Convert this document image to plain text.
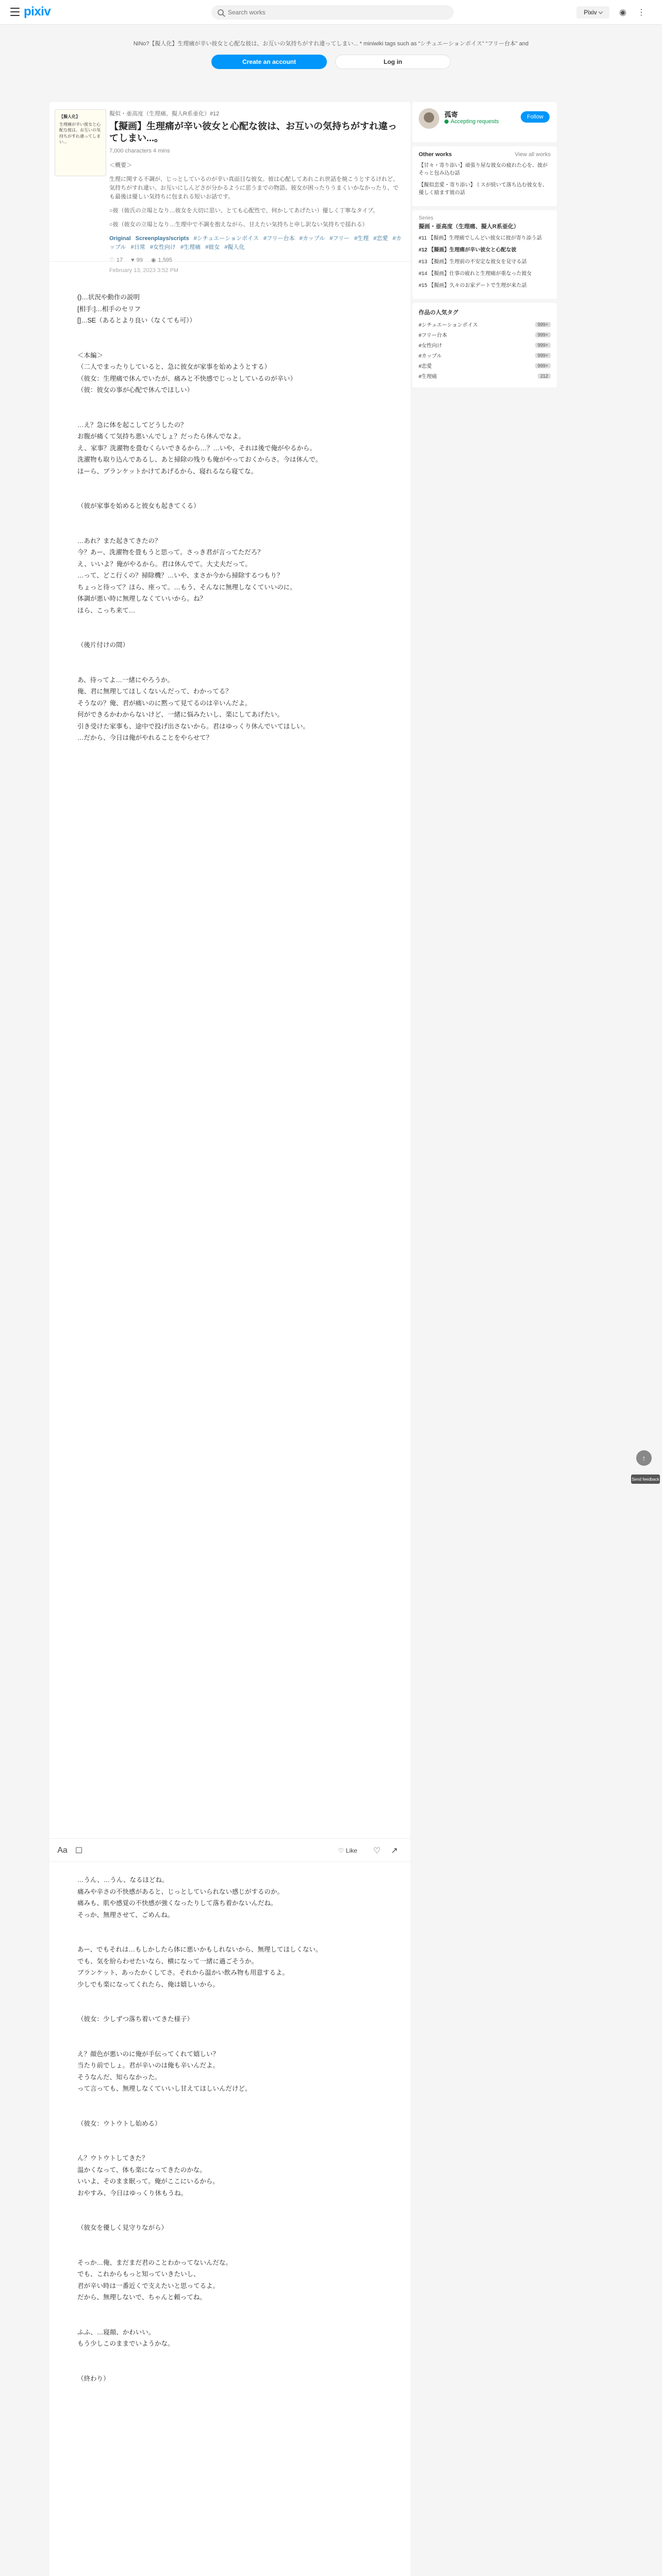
pixiv
Search works	Pixiv	◉	⋮
NiNo?【擬人化】生理痛が辛い彼女と心配な彼は、お互いの気持ちがすれ違ってしまい... * miniwiki tags such as “シチュエーションボイス” “フリー台本” and
Create an account	Log in
【擬人化】
生理痛が辛い彼女と心配な彼は、お互いの気持ちがすれ違ってしまい...
擬似・亜高度（生理痛、擬人R系亜化）#12
【擬画】生理痛が辛い彼女と心配な彼は、お互いの気持ちがすれ違ってしまい...。
7,000 characters 4 mins

＜概要＞

生理に関する不調が、じっとしているのが辛い真面目な彼女。彼は心配してあれこれ世話を焼こうとするけれど、気持ちがすれ違い、お互いにしんどさが分かるように思うまでの物語。彼女が困ったりうまくいかなかったり、でも最後は優しい気持ちに包まれる短いお話です。

○彼（彼氏の立場となり…彼女を大切に思い、とても心配性で、何かしてあげたい）優しく丁寧なタイプ。

○彼（彼女の立場となり…生理中で不調を抱えながら、甘えたい気持ちと申し訳ない気持ちで揺れる）

Original Screenplays/scripts #シチュエーションボイス #フリー台本 #カップル #フリー #生理 #恋愛 #カップル #日常 #女性向け #生理痛 #彼女 #擬人化
♡ 17 ♥ 99 ◉ 1,595
February 13, 2023 3:52 PM
()…状況や動作の説明
[相手:]…相手のセリフ
[]…SE（あるとより良い（なくても可））

＜本編＞
（二人でまったりしていると、急に彼女が家事を始めようとする）
（彼女：生理痛で休んでいたが、痛みと不快感でじっとしているのが辛い）
（彼：彼女の事が心配で休んでほしい）

…え？急に体を起こしてどうしたの？
お腹が痛くて気持ち悪いんでしょ？だったら休んでなよ。
え、家事？洗濯物を畳むくらいできるから…？…いや、それは後で俺がやるから。
洗濯物も取り込んであるし、あと掃除の残りも俺がやっておくからさ。今は休んで。
ほーら、ブランケットかけてあげるから、寝れるなら寝てな。

（彼が家事を始めると彼女も起きてくる）

…あれ？また起きてきたの？
今？あー、洗濯物を畳もうと思って。さっき君が言ってただろ？
え、いいよ？俺がやるから。君は休んでて。大丈夫だって。
…って、どこ行くの？掃除機？…いや、まさか今から掃除するつもり？
ちょっと待って？ほら、座って。…もう、そんなに無理しなくていいのに。
体調が悪い時に無理しなくていいから。ね？
ほら、こっち来て…

（後片付けの間）

あ、待ってよ…一緒にやろうか。
俺、君に無理してほしくないんだって、わかってる？
そうなの？俺、君が痛いのに黙って見てるのは辛いんだよ。
何ができるかわからないけど、一緒に悩みたいし、楽にしてあげたい。
引き受けた家事も、途中で投げ出さないから。君はゆっくり休んでいてほしい。
…だから、今日は俺がやれることをやらせて？
Aa ☐	♡ Like ♡ ↗
…うん、…うん、なるほどね。
痛みや辛さの不快感があると、じっとしていられない感じがするのか。
痛みも、肌や感覚の不快感が強くなったりして落ち着かないんだね。
そっか、無理させて、ごめんね。

あー、でもそれは…もしかしたら体に悪いかもしれないから、無理してほしくない。
でも、気を紛らわせたいなら、横になって一緒に過ごそうか。
ブランケット、あったかくしてさ。それから温かい飲み物も用意するよ。
少しでも楽になってくれたら、俺は嬉しいから。

（彼女：少しずつ落ち着いてきた様子）

え？顔色が悪いのに俺が手伝ってくれて嬉しい？
当たり前でしょ。君が辛いのは俺も辛いんだよ。
そうなんだ、知らなかった。
って言っても、無理しなくていいし甘えてほしいんだけど。

（彼女：ウトウトし始める）

ん？ウトウトしてきた？
温かくなって、体も楽になってきたのかな。
いいよ、そのまま眠って。俺がここにいるから。
おやすみ、今日はゆっくり休もうね。

（彼女を優しく見守りながら）

そっか…俺、まだまだ君のことわかってないんだな。
でも、これからもっと知っていきたいし、
君が辛い時は一番近くで支えたいと思ってるよ。
だから、無理しないで、ちゃんと頼ってね。

ふふ、…寝顔、かわいい。
もう少しこのままでいようかな。

（終わり）
孤寄
Accepting requests
Follow
Other works	View all works
【甘々・寄り添い】頑張り屋な彼女の疲れた心を、彼がそっと包み込む話
【擬似恋愛・寄り添い】ミスが続いて落ち込む彼女を、優しく励ます彼の話
Series
擬画・亜高度（生理痛、擬人R系亜化）
#11 【擬画】生理痛でしんどい彼女に彼が寄り添う話
#12 【擬画】生理痛が辛い彼女と心配な彼
#13 【擬画】生理前の不安定な彼女を見守る話
#14 【擬画】仕事の疲れと生理痛が重なった彼女
#15 【擬画】久々のお家デートで生理が来た話
作品の人気タグ
#シチュエーションボイス	999+
#フリー台本	999+
#女性向け	999+
#カップル	999+
#恋愛	999+
#生理痛	212
↑
Send feedback
